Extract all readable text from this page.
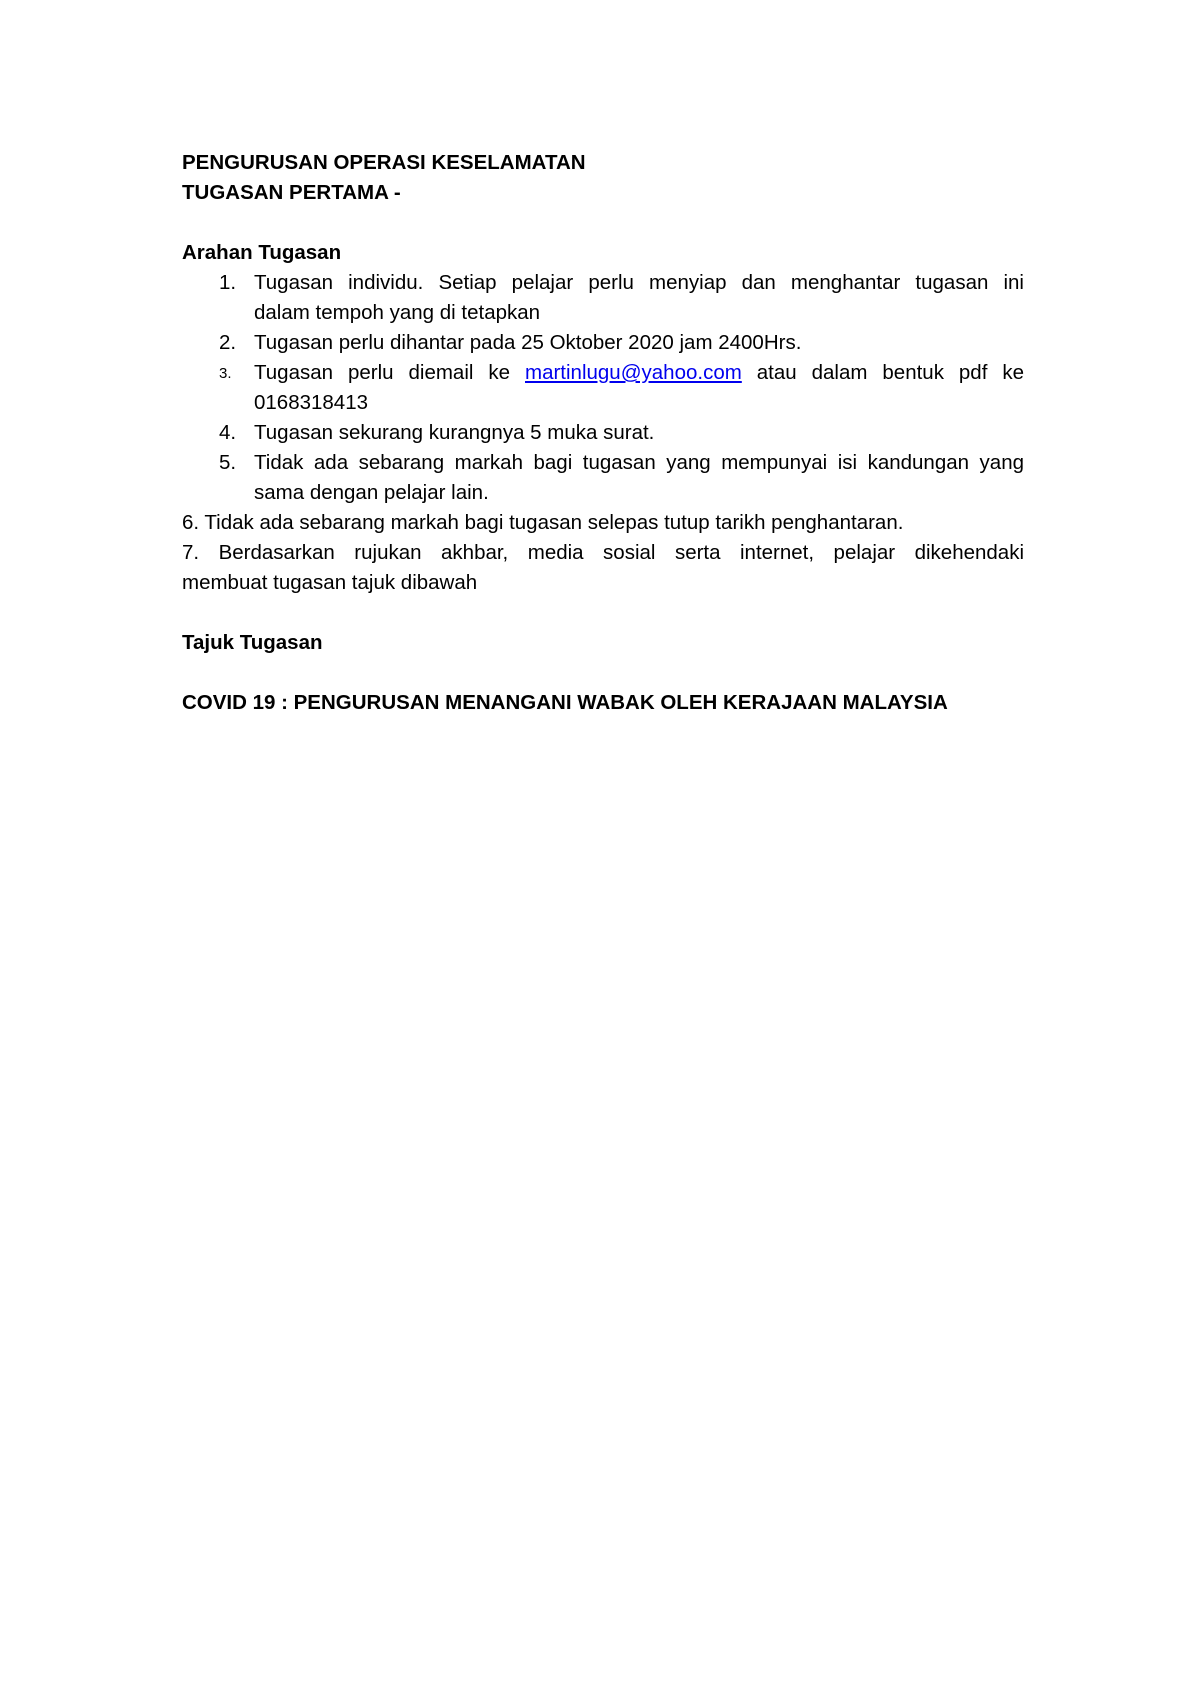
PENGURUSAN OPERASI KESELAMATAN

TUGASAN PERTAMA -

Arahan Tugasan

1. Tugasan individu. Setiap pelajar perlu menyiap dan menghantar tugasan ini
dalam tempoh yang di tetapkan
2. Tugasan perlu dihantar pada 25 Oktober 2020 jam 2400Hrs.
3. Tugasan perlu diemail ke martinlugu@yahoo.com atau dalam bentuk pdf ke
0168318413
4. Tugasan sekurang kurangnya 5 muka surat.
5. Tidak ada sebarang markah bagi tugasan yang mempunyai isi kandungan yang
sama dengan pelajar lain.

6. Tidak ada sebarang markah bagi tugasan selepas tutup tarikh penghantaran.

7. Berdasarkan rujukan akhbar, media sosial serta internet, pelajar dikehendaki

membuat tugasan tajuk dibawah

Tajuk Tugasan

COVID 19 : PENGURUSAN MENANGANI WABAK OLEH KERAJAAN MALAYSIA
